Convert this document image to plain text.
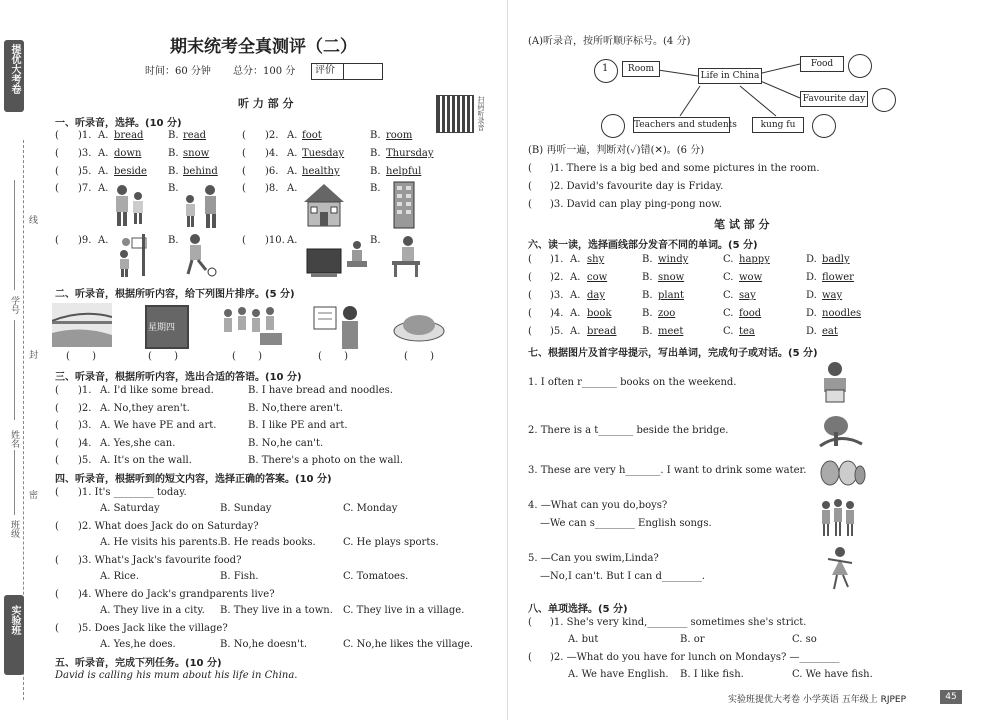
提优大考卷
线
封
密
学号
姓名
班级
实验班
期末统考全真测评（二）
时间：60 分钟 总分：100 分 评价
扫码听录音
听 力 部 分
一、听录音，选择。(10 分)
( )1. A. bread B. read	( )2. A. foot	B. room
( )3. A. down	B. snow	( )4. A. Tuesday	B. Thursday
( )5. A. beside B. behind ( )6. A. healthy	B. helpful
( )7. A.	B.	( )8. A.	B.
( )9. A.	B.	( )10. A.	B.
二、听录音，根据所听内容，给下列图片排序。(5 分)
星期四
(       )	(       )	(       )	(       )	(       )
三、听录音，根据所听内容，选出合适的答语。(10 分)
( )1. A. I'd like some bread.	B. I have bread and noodles.
( )2. A. No,they aren't.	B. No,there aren't.
( )3. A. We have PE and art.	B. I like PE and art.
( )4. A. Yes,she can.	B. No,he can't.
( )5. A. It's on the wall.	B. There's a photo on the wall.
四、听录音，根据听到的短文内容，选择正确的答案。(10 分)
( )1. It's ________ today.
A. Saturday	B. Sunday	C. Monday
( )2. What does Jack do on Saturday?
A. He visits his parents. B. He reads books.	C. He plays sports.
( )3. What's Jack's favourite food?
A. Rice.	B. Fish.	C. Tomatoes.
( )4. Where do Jack's grandparents live?
A. They live in a city. B. They live in a town. C. They live in a village.
( )5. Does Jack like the village?
A. Yes,he does.	B. No,he doesn't.	C. No,he likes the village.
五、听录音，完成下列任务。(10 分)
David is calling his mum about his life in China.
(A)听录音，按所听顺序标号。(4 分)
1	Room
Life in China
Food
Favourite day
Teachers and students	kung fu
(B) 再听一遍，判断对(✓)错(✕)。(6 分)
( )1. There is a big bed and some pictures in the room.
( )2. David's favourite day is Friday.
( )3. David can play ping-pong now.
笔 试 部 分
六、读一读，选择画线部分发音不同的单词。(5 分)
( )1. A. shy	B. windy	C. happy	D. badly
( )2. A. cow	B. snow	C. wow	D. flower
( )3. A. day	B. plant	C. say	D. way
( )4. A. book	B. zoo	C. food	D. noodles
( )5. A. bread	B. meet	C. tea	D. eat
七、根据图片及首字母提示，写出单词，完成句子或对话。(5 分)
1. I often r_______ books on the weekend.
2. There is a t_______ beside the bridge.
3. These are very h_______. I want to drink some water.
4. —What can you do,boys?
—We can s________ English songs.
5. —Can you swim,Linda?
—No,I can't. But I can d________.
八、单项选择。(5 分)
( )1. She's very kind,________ sometimes she's strict.
A. but	B. or	C. so
( )2. —What do you have for lunch on Mondays? —________
A. We have English. B. I like fish.	C. We have fish.
实验班提优大考卷 小学英语 五年级上 RJPEP	45
